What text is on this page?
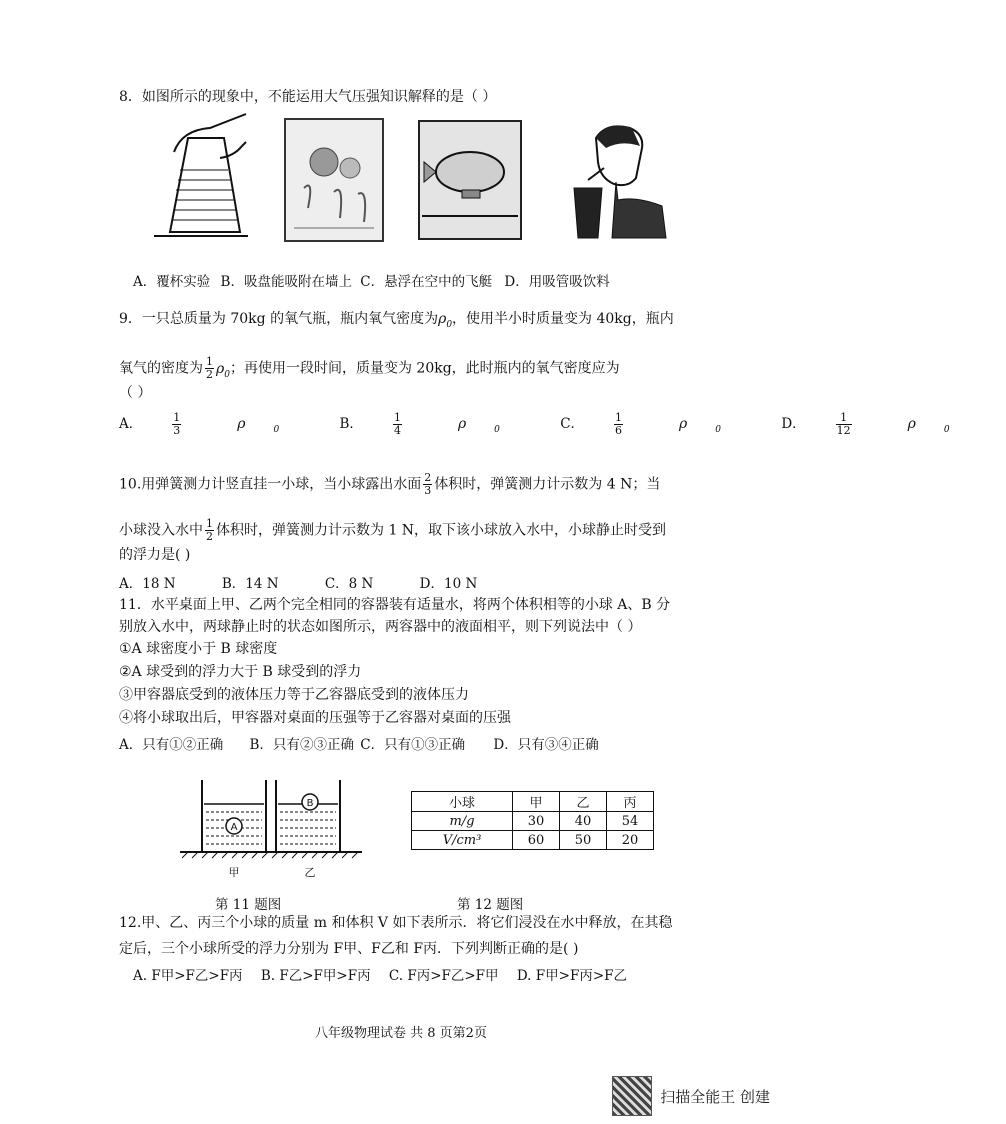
8．如图所示的现象中，不能运用大气压强知识解释的是（ ）
A．覆杯实验 B．吸盘能吸附在墙上 C．悬浮在空中的飞艇 D．用吸管吸饮料
9．一只总质量为 70kg 的氧气瓶，瓶内氧气密度为$\rho_0$，使用半小时质量变为 40kg，瓶内
氧气的密度为 $\frac{1}{2} \rho_0$；再使用一段时间，质量变为 20kg，此时瓶内的氧气密度应为
（ ）
A．	$\frac{1}{3}$ ρ	$_0$	B．	$\frac{1}{4}$ ρ	$_0$	C．	$\frac{1}{6}$ ρ	$_0$	D．	$\frac{1}{12}$ ρ	$_0$
10.用弹簧测力计竖直挂一小球，当小球露出水面 $\frac{2}{3}$ 体积时，弹簧测力计示数为 4 N；当
小球没入水中 $\frac{1}{2}$ 体积时，弹簧测力计示数为 1 N，取下该小球放入水中，小球静止时受到
的浮力是( )
A．18 N	B．14 N	C．8 N	D．10 N
11．水平桌面上甲、乙两个完全相同的容器装有适量水，将两个体积相等的小球 A、B 分
别放入水中，两球静止时的状态如图所示，两容器中的液面相平，则下列说法中（ ）
①A 球密度小于 B 球密度
②A 球受到的浮力大于 B 球受到的浮力
③甲容器底受到的液体压力等于乙容器底受到的液体压力
④将小球取出后，甲容器对桌面的压强等于乙容器对桌面的压强
A．只有①②正确 B．只有②③正确 C．只有①③正确 D．只有③④正确
A
B
甲	乙
小球	甲	乙	丙
m/g	30	40	54
V/cm³	60	50	20
第 11 题图	第 12 题图
12.甲、乙、丙三个小球的质量 m 和体积 V 如下表所示．将它们浸没在水中释放，在其稳
定后，三个小球所受的浮力分别为 F甲、F乙和 F丙．下列判断正确的是( )
A. F甲>F乙>F丙 B. F乙>F甲>F丙 C. F丙>F乙>F甲 D. F甲>F丙>F乙
八年级物理试卷 共 8 页第2页
扫描全能王 创建
